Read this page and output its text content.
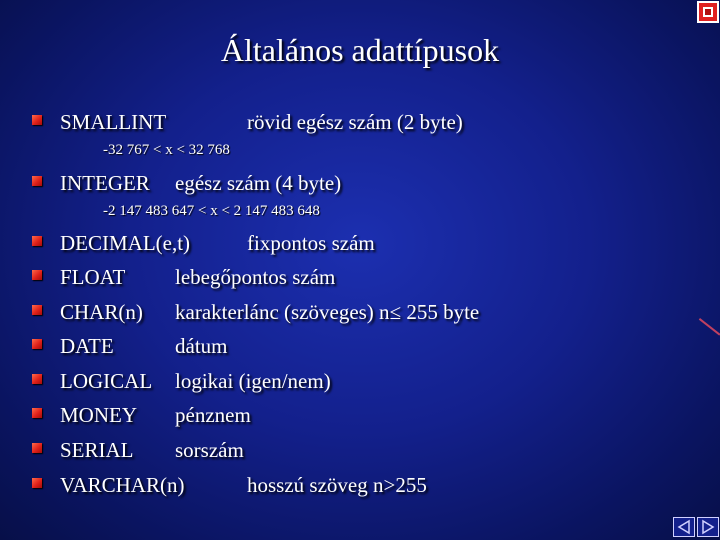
Általános adattípusok
SMALLINT	rövid egész szám (2 byte)
-32 767 < x < 32 768
INTEGER egész szám (4 byte)
-2 147 483 647 < x < 2 147 483 648
DECIMAL(e,t)	fixpontos szám
FLOAT lebegőpontos szám
CHAR(n) karakterlánc (szöveges) n≤ 255 byte
DATE	dátum
LOGICAL logikai (igen/nem)
MONEY pénznem
SERIAL sorszám
VARCHAR(n)	hosszú szöveg n>255
